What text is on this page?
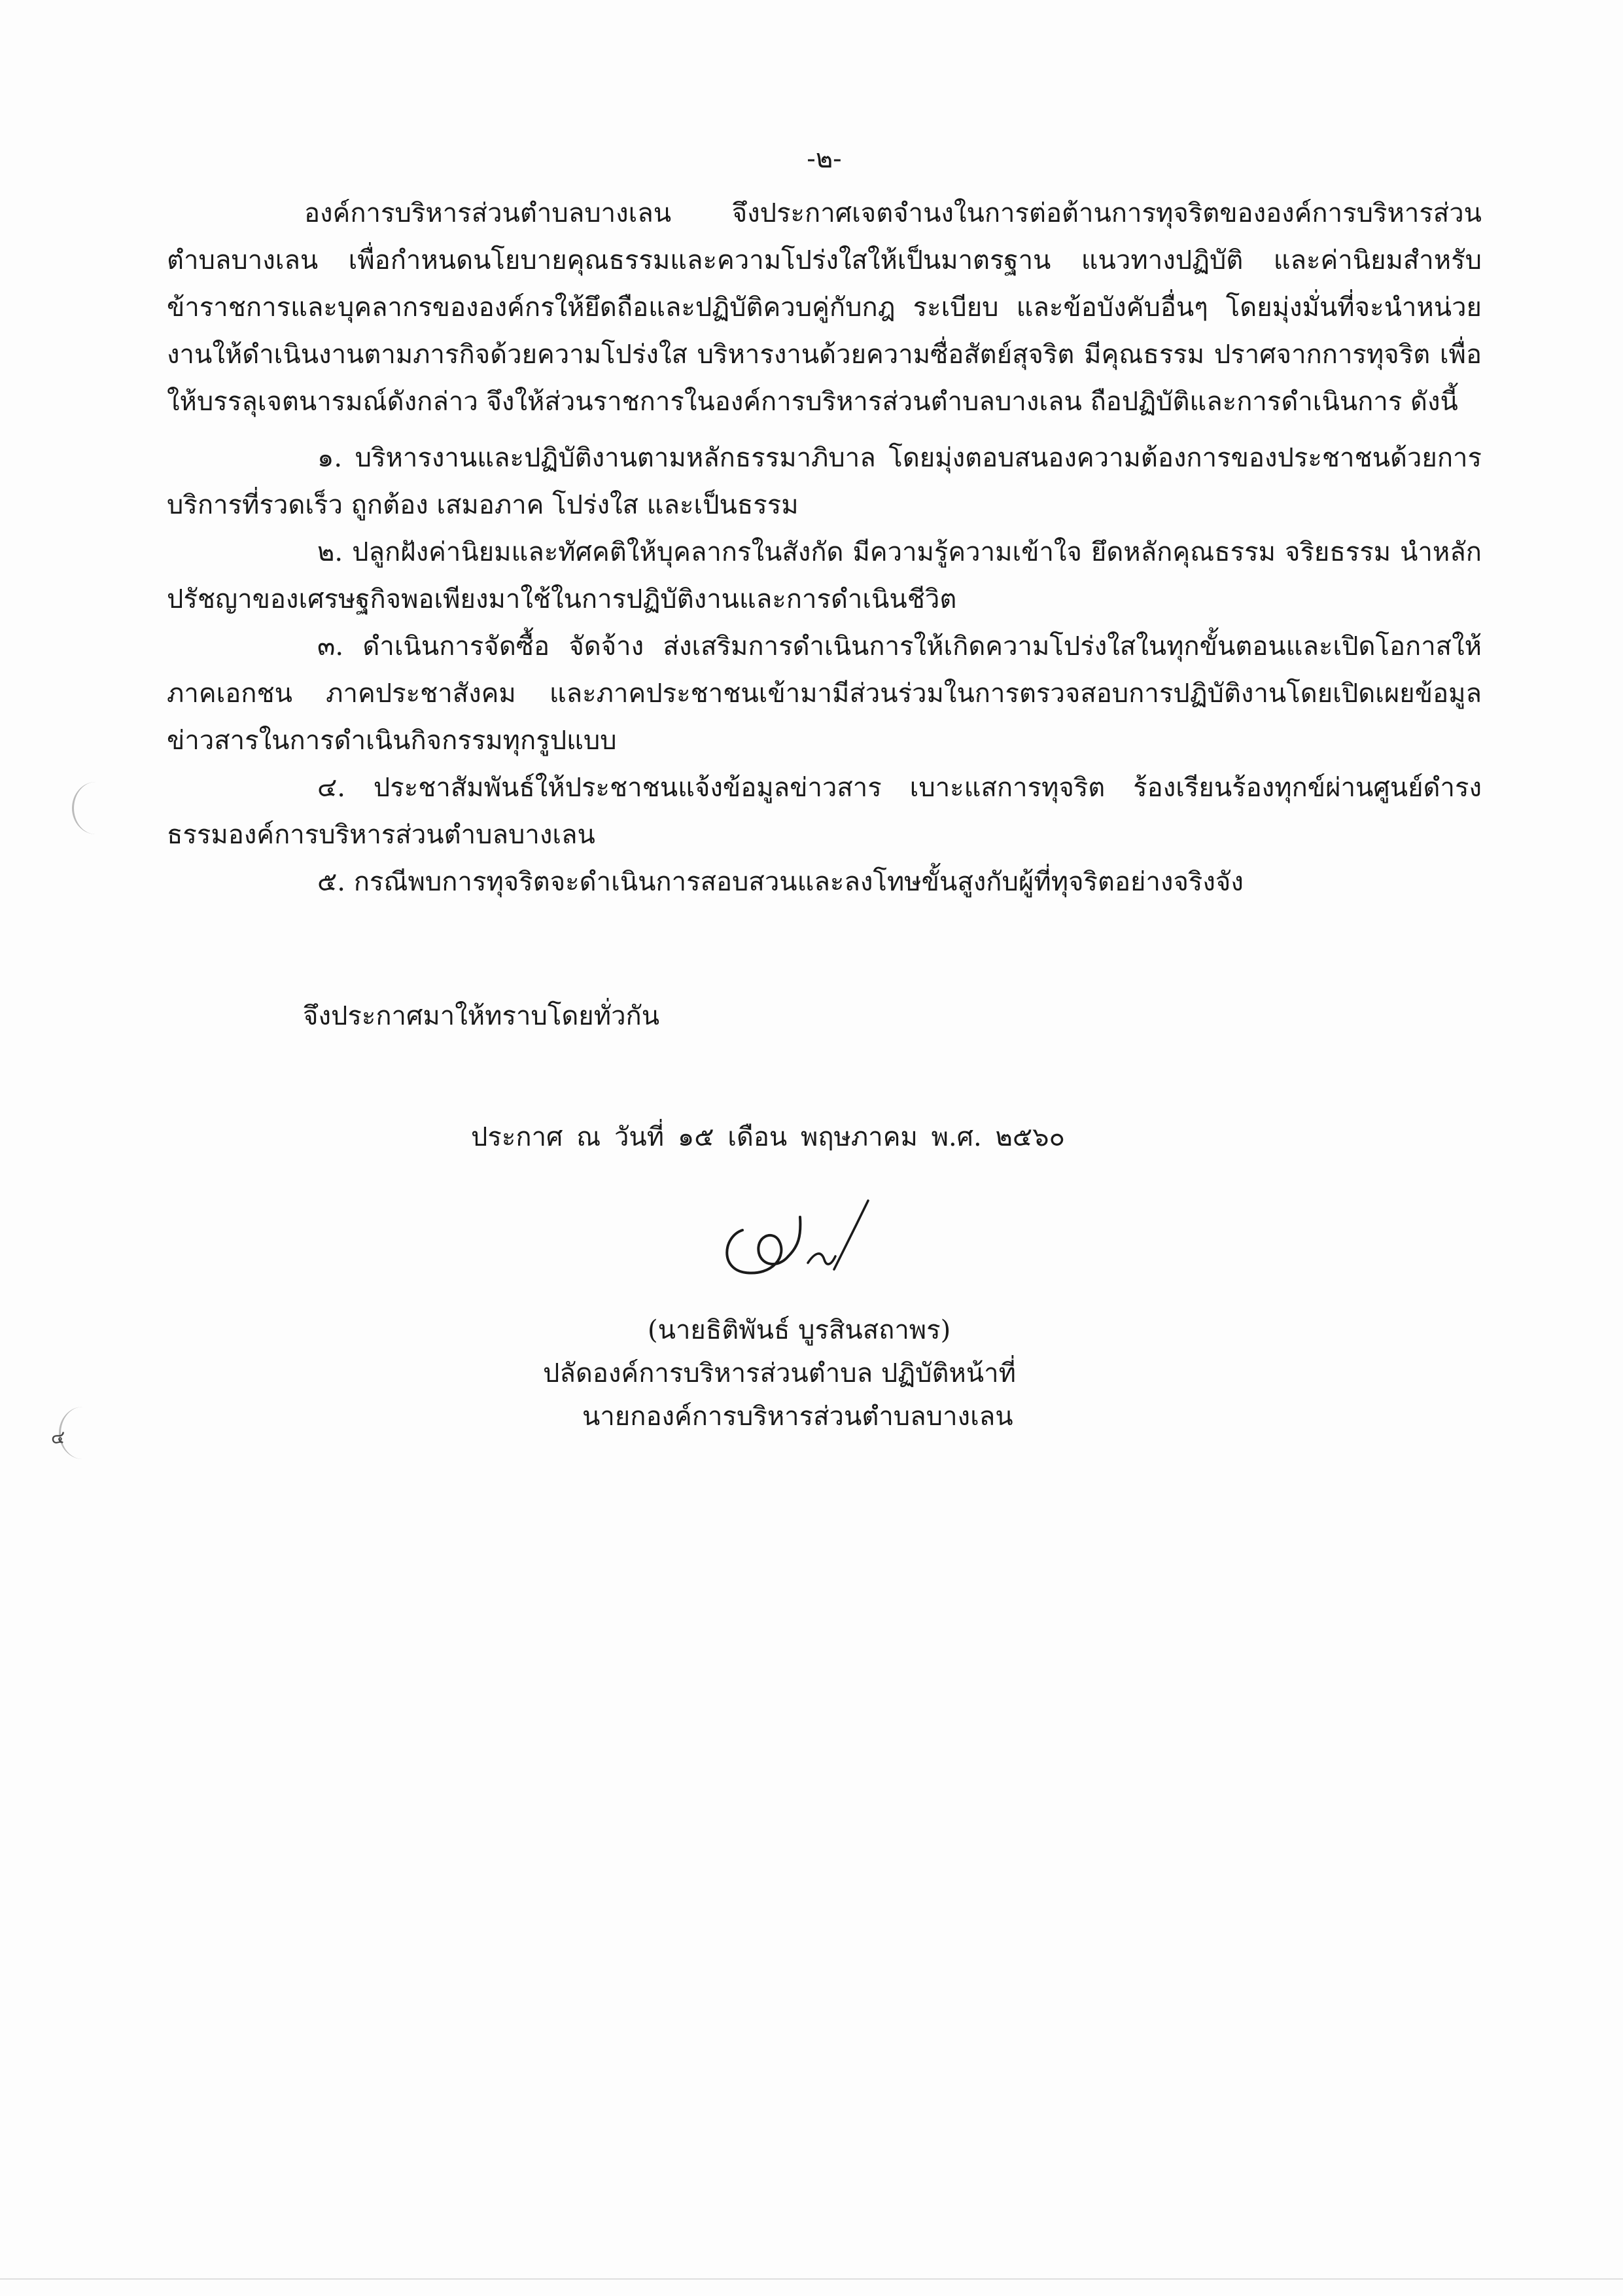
-๒-

องค์การบริหารส่วนตำบลบางเลน จึงประกาศเจตจำนงในการต่อต้านการทุจริตขององค์การบริหารส่วนตำบลบางเลน เพื่อกำหนดนโยบายคุณธรรมและความโปร่งใสให้เป็นมาตรฐาน แนวทางปฏิบัติ และค่านิยมสำหรับข้าราชการและบุคลากรขององค์กรให้ยึดถือและปฏิบัติควบคู่กับกฎ ระเบียบ และข้อบังคับอื่นๆ โดยมุ่งมั่นที่จะนำหน่วยงานให้ดำเนินงานตามภารกิจด้วยความโปร่งใส บริหารงานด้วยความซื่อสัตย์สุจริต มีคุณธรรม ปราศจากการทุจริต เพื่อให้บรรลุเจตนารมณ์ดังกล่าว จึงให้ส่วนราชการในองค์การบริหารส่วนตำบลบางเลน ถือปฏิบัติและการดำเนินการ ดังนี้

๑. บริหารงานและปฏิบัติงานตามหลักธรรมาภิบาล โดยมุ่งตอบสนองความต้องการของประชาชนด้วยการบริการที่รวดเร็ว ถูกต้อง เสมอภาค โปร่งใส และเป็นธรรม

๒. ปลูกฝังค่านิยมและทัศคติให้บุคลากรในสังกัด มีความรู้ความเข้าใจ ยึดหลักคุณธรรม จริยธรรม นำหลักปรัชญาของเศรษฐกิจพอเพียงมาใช้ในการปฏิบัติงานและการดำเนินชีวิต

๓. ดำเนินการจัดซื้อ จัดจ้าง ส่งเสริมการดำเนินการให้เกิดความโปร่งใสในทุกขั้นตอนและเปิดโอกาสให้ภาคเอกชน ภาคประชาสังคม และภาคประชาชนเข้ามามีส่วนร่วมในการตรวจสอบการปฏิบัติงานโดยเปิดเผยข้อมูลข่าวสารในการดำเนินกิจกรรมทุกรูปแบบ

๔. ประชาสัมพันธ์ให้ประชาชนแจ้งข้อมูลข่าวสาร เบาะแสการทุจริต ร้องเรียนร้องทุกข์ผ่านศูนย์ดำรงธรรมองค์การบริหารส่วนตำบลบางเลน

๕. กรณีพบการทุจริตจะดำเนินการสอบสวนและลงโทษขั้นสูงกับผู้ที่ทุจริตอย่างจริงจัง

จึงประกาศมาให้ทราบโดยทั่วกัน
ประกาศ ณ วันที่ ๑๕ เดือน พฤษภาคม พ.ศ. ๒๕๖๐
(นายธิติพันธ์ บูรสินสถาพร)
ปลัดองค์การบริหารส่วนตำบล ปฏิบัติหน้าที่
นายกองค์การบริหารส่วนตำบลบางเลน
๔
